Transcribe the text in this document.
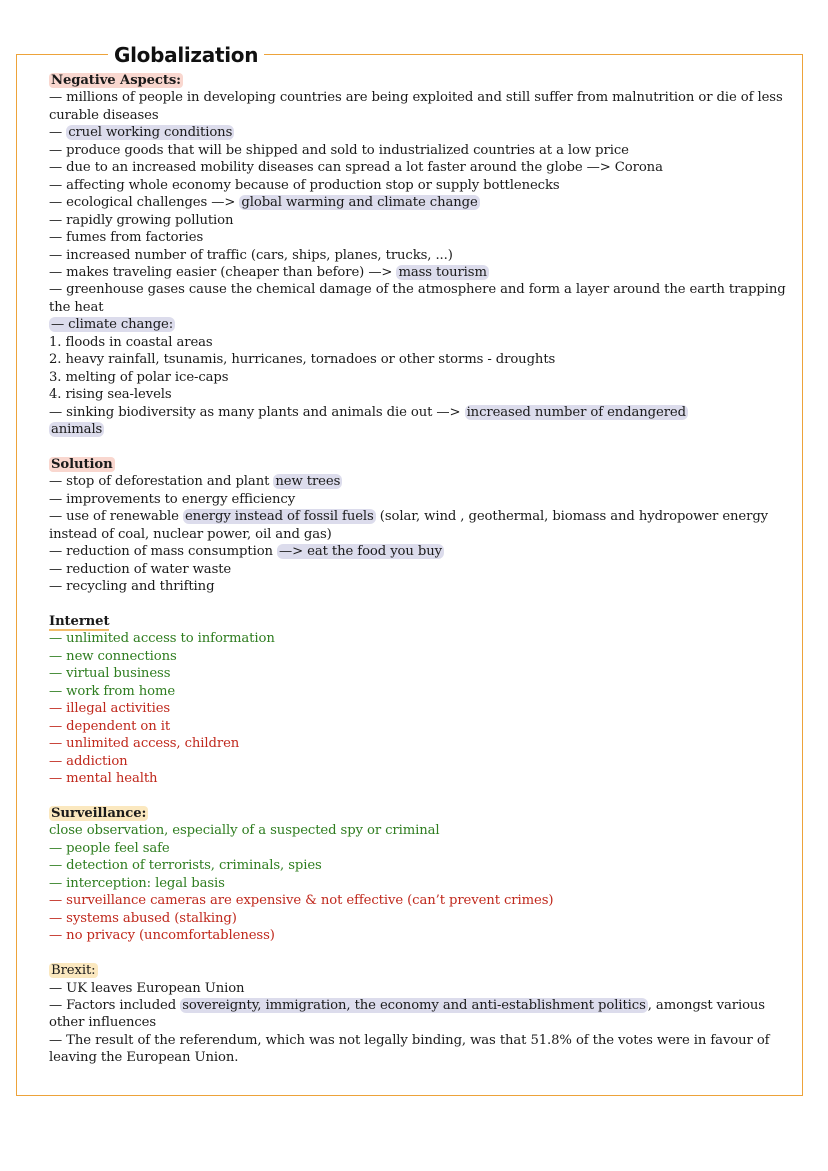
Globalization
Negative Aspects:
— millions of people in developing countries are being exploited and still suffer from malnutrition or die of less curable diseases
— cruel working conditions
— produce goods that will be shipped and sold to industrialized countries at a low price
— due to an increased mobility diseases can spread a lot faster around the globe —> Corona
— affecting whole economy because of production stop or supply bottlenecks
— ecological challenges —> global warming and climate change
— rapidly growing pollution
— fumes from factories
— increased number of traffic (cars, ships, planes, trucks, ...)
— makes traveling easier (cheaper than before) —> mass tourism
— greenhouse gases cause the chemical damage of the atmosphere and form a layer around the earth trapping the heat
— climate change:
1. floods in coastal areas
2. heavy rainfall, tsunamis, hurricanes, tornadoes or other storms - droughts
3. melting of polar ice-caps
4. rising sea-levels
— sinking biodiversity as many plants and animals die out —> increased number of endangered
animals
Solution
— stop of deforestation and plant new trees
— improvements to energy efficiency
— use of renewable energy instead of fossil fuels (solar, wind , geothermal, biomass and hydropower energy instead of coal, nuclear power, oil and gas)
— reduction of mass consumption —> eat the food you buy
— reduction of water waste
— recycling and thrifting
Internet
— unlimited access to information
— new connections
— virtual business
— work from home
— illegal activities
— dependent on it
— unlimited access, children
— addiction
— mental health
Surveillance:
close observation, especially of a suspected spy or criminal
— people feel safe
— detection of terrorists, criminals, spies
— interception: legal basis
— surveillance cameras are expensive & not effective (can’t prevent crimes)
— systems abused (stalking)
— no privacy (uncomfortableness)
Brexit:
— UK leaves European Union
— Factors included sovereignty, immigration, the economy and anti-establishment politics , amongst various other influences
— The result of the referendum, which was not legally binding, was that 51.8% of the votes were in favour of leaving the European Union.
